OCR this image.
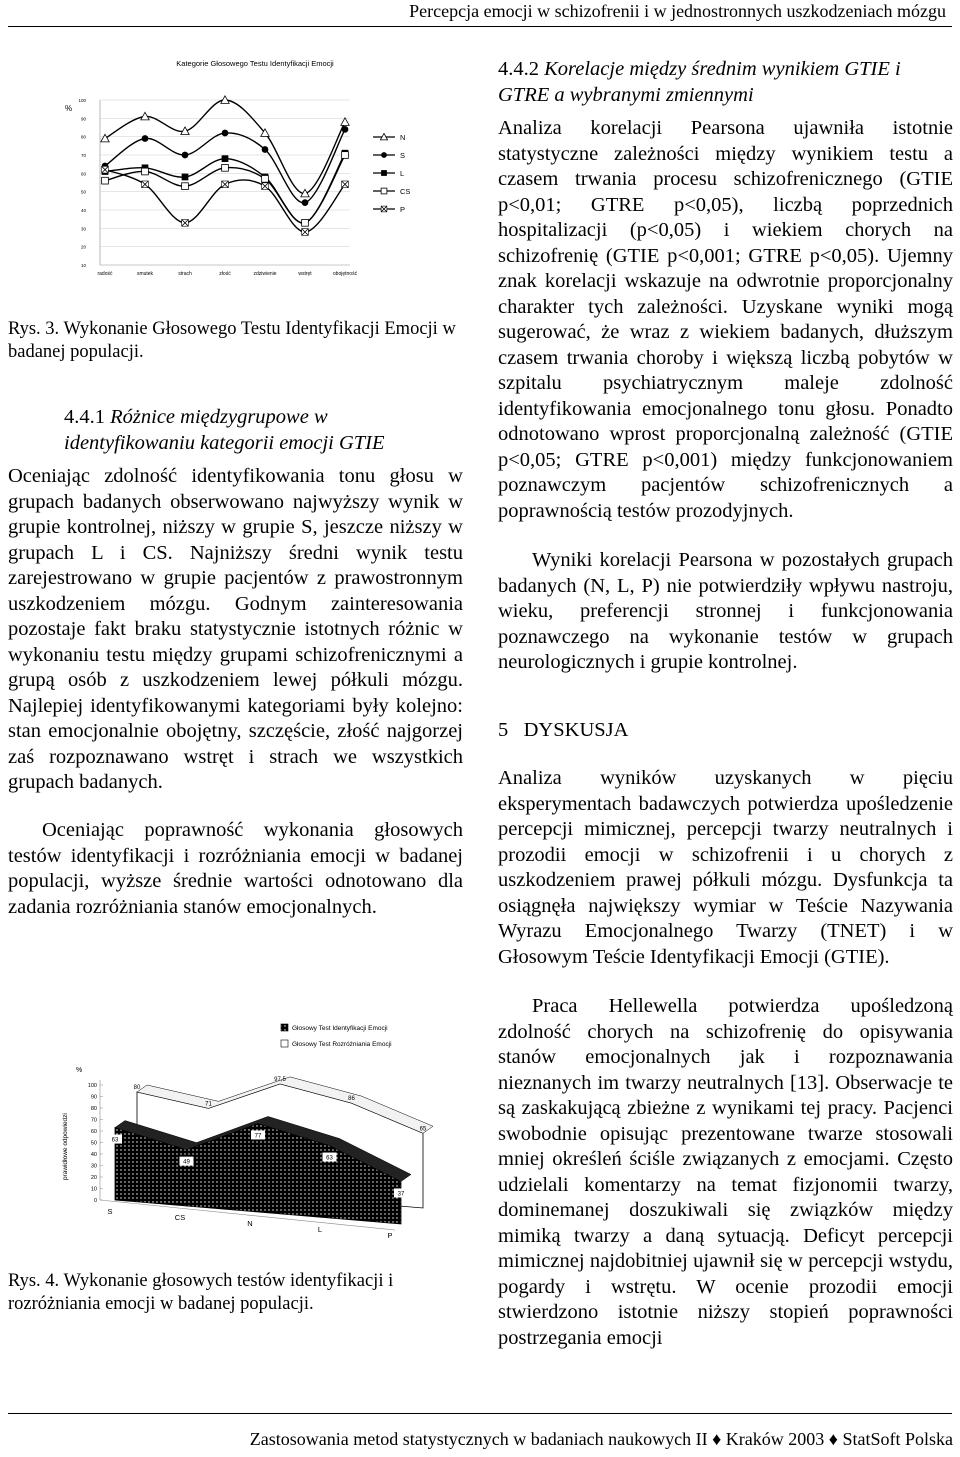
Percepcja emocji w schizofrenii i w jednostronnych uszkodzeniach mózgu
Kategorie Głosowego Testu Identyfikacji Emocji
%
10
20
30
40
50
60
70
80
90
100
radość	smutek	strach	złość	zdziwienie	wstręt	obojętność
N
S
L
CS
P

Rys. 3. Wykonanie Głosowego Testu Identyfikacji Emocji w badanej populacji.

4.4.1 Różnice międzygrupowe w identyfikowaniu kategorii emocji GTIE

Oceniając zdolność identyfikowania tonu głosu w grupach badanych obserwowano najwyższy wynik w grupie kontrolnej, niższy w grupie S, jeszcze niższy w grupach L i CS. Najniższy średni wynik testu zarejestrowano w grupie pacjentów z prawostronnym uszkodzeniem mózgu. Godnym zainteresowania pozostaje fakt braku statystycznie istotnych różnic w wykonaniu testu między grupami schizofrenicznymi a grupą osób z uszkodzeniem lewej półkuli mózgu. Najlepiej identyfikowanymi kategoriami były kolejno: stan emocjonalnie obojętny, szczęście, złość najgorzej zaś rozpoznawano wstręt i strach we wszystkich grupach badanych.

Oceniając poprawność wykonania głosowych testów identyfikacji i rozróżniania emocji w badanej populacji, wyższe średnie wartości odnotowano dla zadania rozróżniania stanów emocjonalnych.

prawidłowe odpowiedzi
%
0
10
20
30
40
50
60
70
80
90
100	80
71
97,5
86
65
63
49
77
63
37
S
CS
N
L
P
Głosowy Test Identyfikacji Emocji
Głosowy Test Rozróżniania Emocji

Rys. 4. Wykonanie głosowych testów identyfikacji i rozróżniania emocji w badanej populacji.

4.4.2 Korelacje między średnim wynikiem GTIE i GTRE a wybranymi zmiennymi

Analiza korelacji Pearsona ujawniła istotnie statystyczne zależności między wynikiem testu a czasem trwania procesu schizofrenicznego (GTIE p<0,01; GTRE p<0,05), liczbą poprzednich hospitalizacji (p<0,05) i wiekiem chorych na schizofrenię (GTIE p<0,001; GTRE p<0,05). Ujemny znak korelacji wskazuje na odwrotnie proporcjonalny charakter tych zależności. Uzyskane wyniki mogą sugerować, że wraz z wiekiem badanych, dłuższym czasem trwania choroby i większą liczbą pobytów w szpitalu psychiatrycznym maleje zdolność identyfikowania emocjonalnego tonu głosu. Ponadto odnotowano wprost proporcjonalną zależność (GTIE p<0,05; GTRE p<0,001) między funkcjonowaniem poznawczym pacjentów schizofrenicznych a poprawnością testów prozodyjnych.

Wyniki korelacji Pearsona w pozostałych grupach badanych (N, L, P) nie potwierdziły wpływu nastroju, wieku, preferencji stronnej i funkcjonowania poznawczego na wykonanie testów w grupach neurologicznych i grupie kontrolnej.

5 DYSKUSJA

Analiza wyników uzyskanych w pięciu eksperymentach badawczych potwierdza upośledzenie percepcji mimicznej, percepcji twarzy neutralnych i prozodii emocji w schizofrenii i u chorych z uszkodzeniem prawej półkuli mózgu. Dysfunkcja ta osiągnęła największy wymiar w Teście Nazywania Wyrazu Emocjonalnego Twarzy (TNET) i w Głosowym Teście Identyfikacji Emocji (GTIE).

Praca Hellewella potwierdza upośledzoną zdolność chorych na schizofrenię do opisywania stanów emocjonalnych jak i rozpoznawania nieznanych im twarzy neutralnych [13]. Obserwacje te są zaskakującą zbieżne z wynikami tej pracy. Pacjenci swobodnie opisując prezentowane twarze stosowali mniej określeń ściśle związanych z emocjami. Często udzielali komentarzy na temat fizjonomii twarzy, dominemanej doszukiwali się związków między mimiką twarzy a daną sytuacją. Deficyt percepcji mimicznej najdobitniej ujawnił się w percepcji wstydu, pogardy i wstrętu. W ocenie prozodii emocji stwierdzono istotnie niższy stopień poprawności postrzegania emocji

Zastosowania metod statystycznych w badaniach naukowych II ♦ Kraków 2003 ♦ StatSoft Polska
